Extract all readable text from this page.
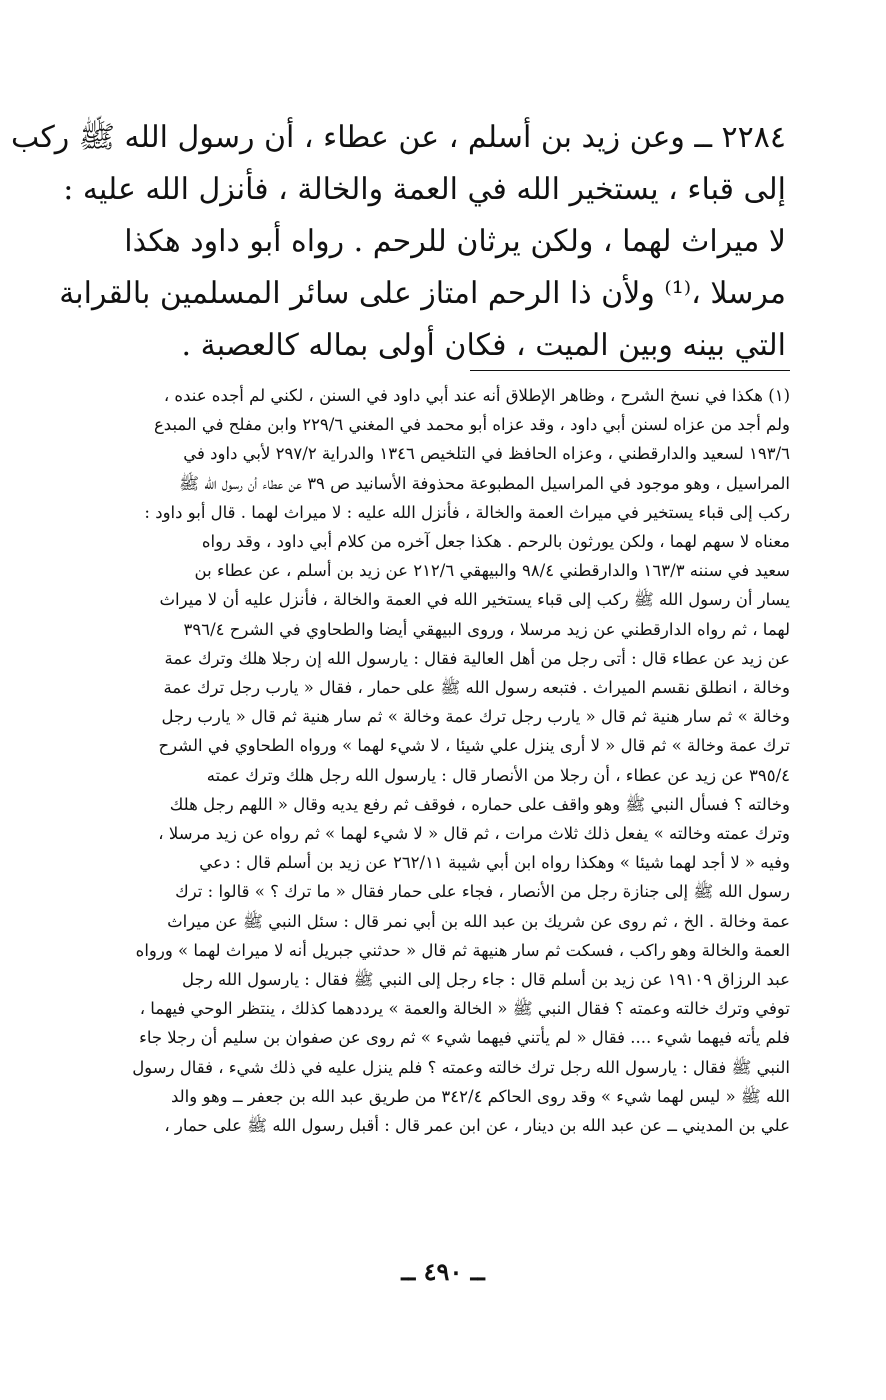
٢٢٨٤ ــ وعن زيد بن أسلم ، عن عطاء ، أن رسول الله ﷺ ركب
إلى قباء ، يستخير الله في العمة والخالة ، فأنزل الله عليه :
لا ميراث لهما ، ولكن يرثان للرحم . رواه أبو داود هكذا
مرسلا ،⁽¹⁾ ولأن ذا الرحم امتاز على سائر المسلمين بالقرابة
التي بينه وبين الميت ، فكان أولى بماله كالعصبة .
(١) هكذا في نسخ الشرح ، وظاهر الإطلاق أنه عند أبي داود في السنن ، لكني لم أجده عنده ،
ولم أجد من عزاه لسنن أبي داود ، وقد عزاه أبو محمد في المغني ٢٢٩/٦ وابن مفلح في المبدع
١٩٣/٦ لسعيد والدارقطني ، وعزاه الحافظ في التلخيص ١٣٤٦ والدراية ٢٩٧/٢ لأبي داود في
المراسيل ، وهو موجود في المراسيل المطبوعة محذوفة الأسانيد ص ٣٩ عن عطاء أن رسول الله ﷺ
ركب إلى قباء يستخير في ميراث العمة والخالة ، فأنزل الله عليه : لا ميراث لهما . قال أبو داود :
معناه لا سهم لهما ، ولكن يورثون بالرحم . هكذا جعل آخره من كلام أبي داود ، وقد رواه
سعيد في سننه ١٦٣/٣ والدارقطني ٩٨/٤ والبيهقي ٢١٢/٦ عن زيد بن أسلم ، عن عطاء بن
يسار أن رسول الله ﷺ ركب إلى قباء يستخير الله في العمة والخالة ، فأنزل عليه أن لا ميراث
لهما ، ثم رواه الدارقطني عن زيد مرسلا ، وروى البيهقي أيضا والطحاوي في الشرح ٣٩٦/٤
عن زيد عن عطاء قال : أتى رجل من أهل العالية فقال : يارسول الله إن رجلا هلك وترك عمة
وخالة ، انطلق نقسم الميراث . فتبعه رسول الله ﷺ على حمار ، فقال « يارب رجل ترك عمة
وخالة » ثم سار هنية ثم قال « يارب رجل ترك عمة وخالة » ثم سار هنية ثم قال « يارب رجل
ترك عمة وخالة » ثم قال « لا أرى ينزل علي شيئا ، لا شيء لهما » ورواه الطحاوي في الشرح
٣٩٥/٤ عن زيد عن عطاء ، أن رجلا من الأنصار قال : يارسول الله رجل هلك وترك عمته
وخالته ؟ فسأل النبي ﷺ وهو واقف على حماره ، فوقف ثم رفع يديه وقال « اللهم رجل هلك
وترك عمته وخالته » يفعل ذلك ثلاث مرات ، ثم قال « لا شيء لهما » ثم رواه عن زيد مرسلا ،
وفيه « لا أجد لهما شيئا » وهكذا رواه ابن أبي شيبة ٢٦٢/١١ عن زيد بن أسلم قال : دعي
رسول الله ﷺ إلى جنازة رجل من الأنصار ، فجاء على حمار فقال « ما ترك ؟ » قالوا : ترك
عمة وخالة . الخ ، ثم روى عن شريك بن عبد الله بن أبي نمر قال : سئل النبي ﷺ عن ميراث
العمة والخالة وهو راكب ، فسكت ثم سار هنيهة ثم قال « حدثني جبريل أنه لا ميراث لهما » ورواه
عبد الرزاق ١٩١٠٩ عن زيد بن أسلم قال : جاء رجل إلى النبي ﷺ فقال : يارسول الله رجل
توفي وترك خالته وعمته ؟ فقال النبي ﷺ « الخالة والعمة » يرددهما كذلك ، ينتظر الوحي فيهما ،
فلم يأته فيهما شيء .... فقال « لم يأتني فيهما شيء » ثم روى عن صفوان بن سليم أن رجلا جاء
النبي ﷺ فقال : يارسول الله رجل ترك خالته وعمته ؟ فلم ينزل عليه في ذلك شيء ، فقال رسول
الله ﷺ « ليس لهما شيء » وقد روى الحاكم ٣٤٢/٤ من طريق عبد الله بن جعفر ــ وهو والد
علي بن المديني ــ عن عبد الله بن دينار ، عن ابن عمر قال : أقبل رسول الله ﷺ على حمار ،
ــ ٤٩٠ ــ
